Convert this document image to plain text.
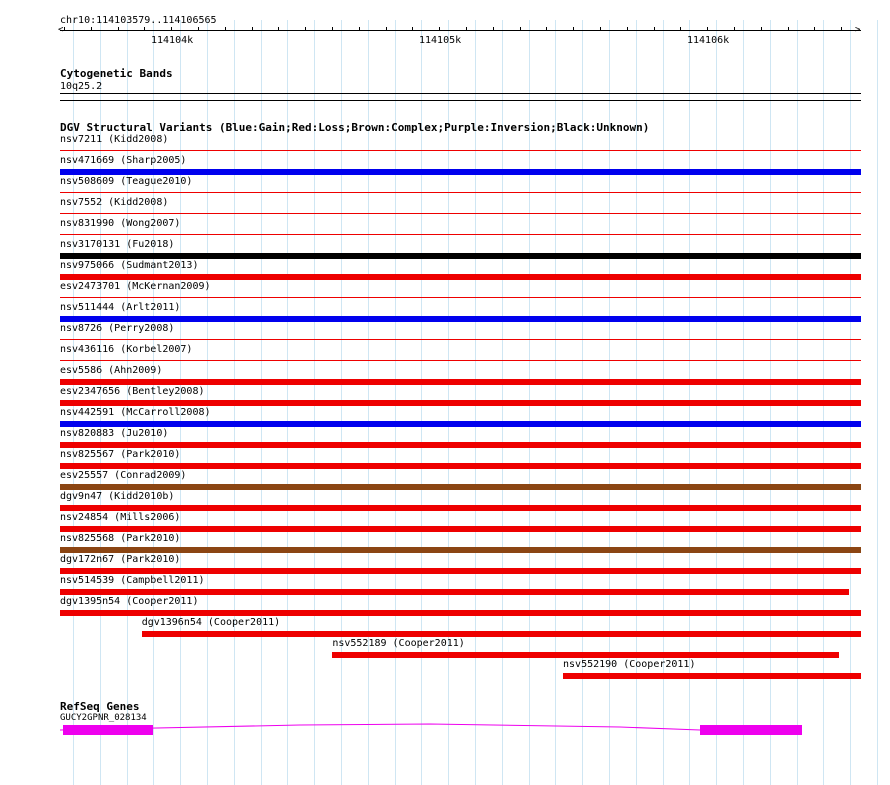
chr10:114103579..114106565
<	>
114104k	114105k	114106k
Cytogenetic Bands
10q25.2
DGV Structural Variants (Blue:Gain;Red:Loss;Brown:Complex;Purple:Inversion;Black:Unknown)
nsv7211 (Kidd2008)
nsv471669 (Sharp2005)
nsv508609 (Teague2010)
nsv7552 (Kidd2008)
nsv831990 (Wong2007)
nsv3170131 (Fu2018)
nsv975066 (Sudmant2013)
esv2473701 (McKernan2009)
nsv511444 (Arlt2011)
nsv8726 (Perry2008)
nsv436116 (Korbel2007)
esv5586 (Ahn2009)
esv2347656 (Bentley2008)
nsv442591 (McCarroll2008)
nsv820883 (Ju2010)
nsv825567 (Park2010)
esv25557 (Conrad2009)
dgv9n47 (Kidd2010b)
nsv24854 (Mills2006)
nsv825568 (Park2010)
dgv172n67 (Park2010)
nsv514539 (Campbell2011)
dgv1395n54 (Cooper2011)
dgv1396n54 (Cooper2011)
nsv552189 (Cooper2011)
nsv552190 (Cooper2011)
RefSeq Genes
GUCY2GPNR_028134
